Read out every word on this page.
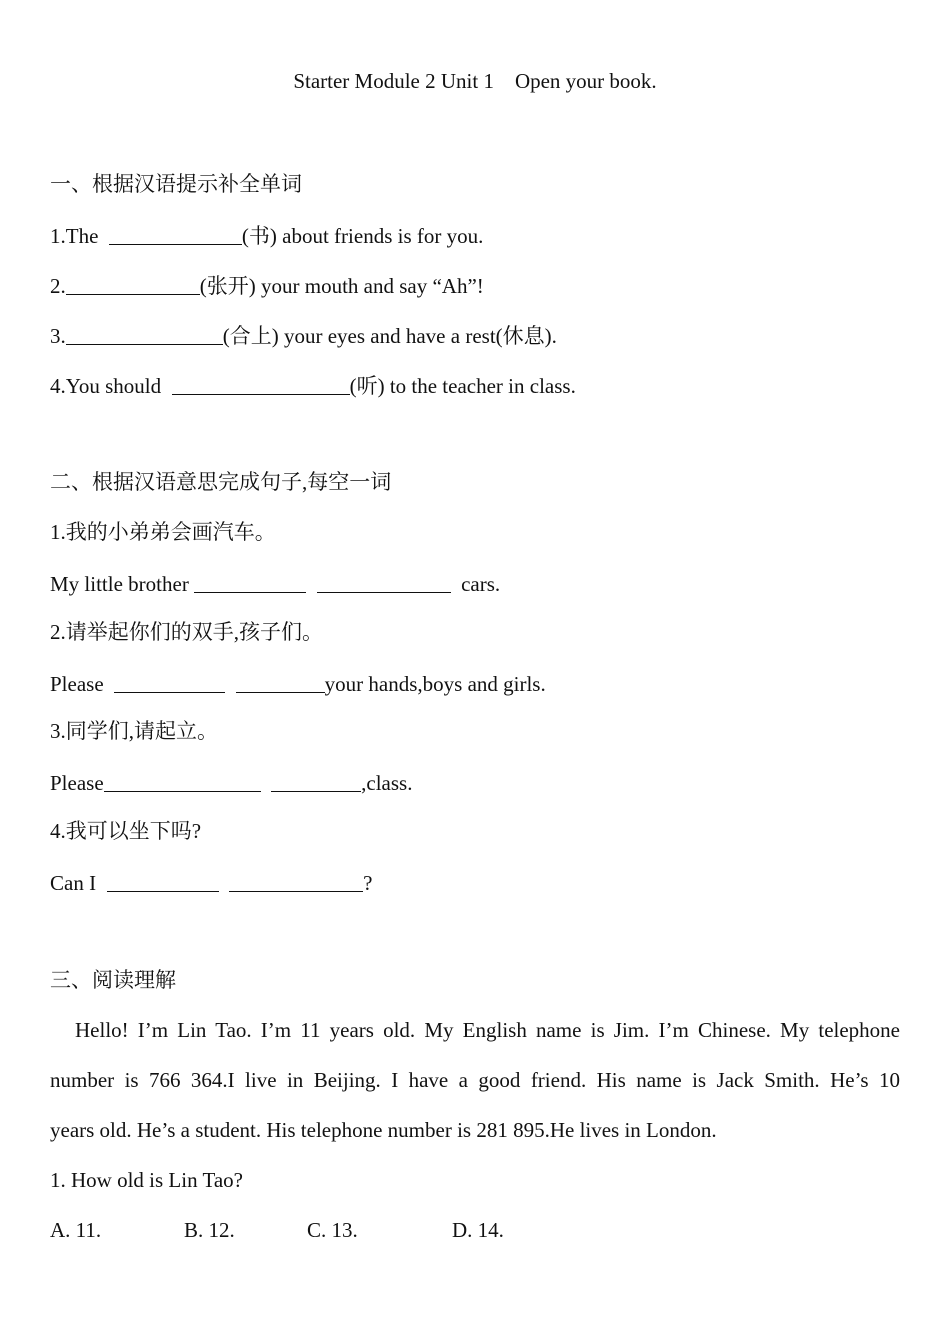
Starter Module 2 Unit 1    Open your book.
一、根据汉语提示补全单词
1.The	(书) about friends is for you.
2.	(张开) your mouth and say “Ah”!
3.	(合上) your eyes and have a rest(休息).
4.You should	(听) to the teacher in class.
二、根据汉语意思完成句子,每空一词
1.我的小弟弟会画汽车。
My little brother	cars.
2.请举起你们的双手,孩子们。
Please	your hands,boys and girls.
3.同学们,请起立。
Please	,class.
4.我可以坐下吗?
Can I	?
三、阅读理解
Hello! I’m Lin Tao. I’m 11 years old. My English name is Jim. I’m Chinese. My telephone
number is 766 364.I live in Beijing. I have a good friend. His name is Jack Smith. He’s 10
years old. He’s a student. His telephone number is 281 895.He lives in London.
1. How old is Lin Tao?
A. 11.	B. 12.	C. 13.	D. 14.
